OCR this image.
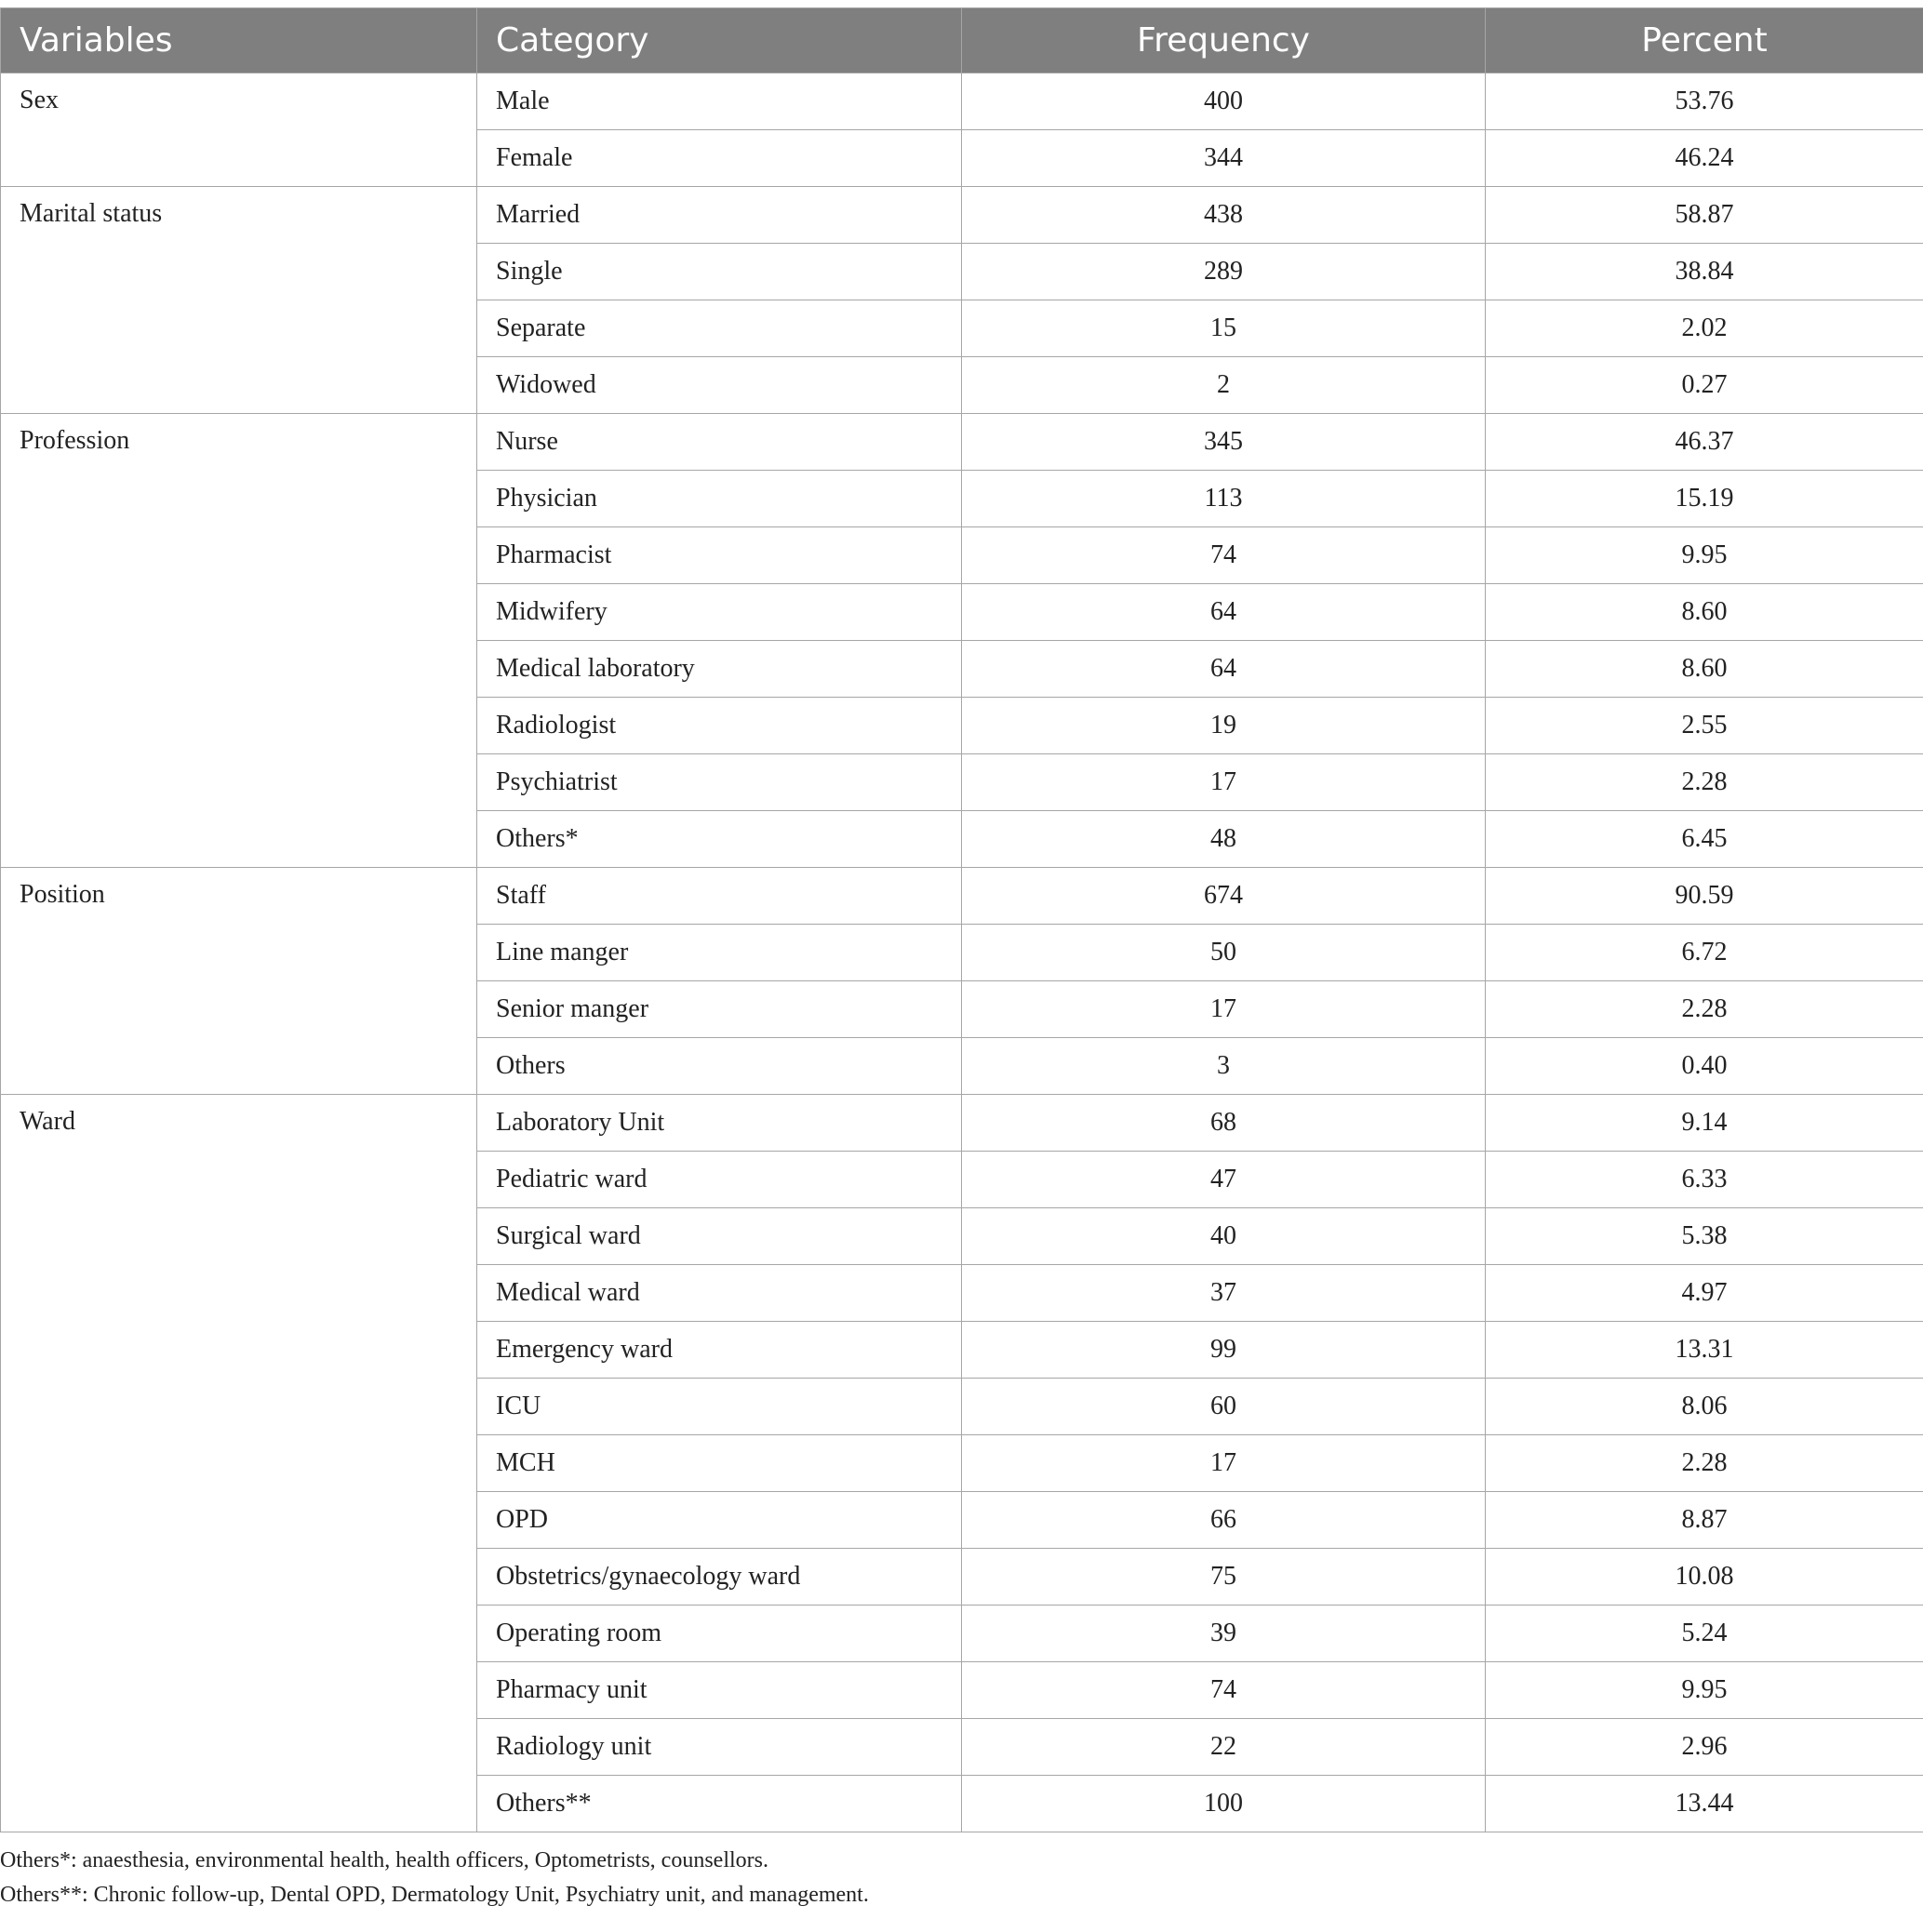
Variables	Category	Frequency	Percent
Sex	Male	400	53.76
	Female	344	46.24
Marital status	Married	438	58.87
	Single	289	38.84
	Separate	15	2.02
	Widowed	2	0.27
Profession	Nurse	345	46.37
	Physician	113	15.19
	Pharmacist	74	9.95
	Midwifery	64	8.60
	Medical laboratory	64	8.60
	Radiologist	19	2.55
	Psychiatrist	17	2.28
	Others*	48	6.45
Position	Staff	674	90.59
	Line manger	50	6.72
	Senior manger	17	2.28
	Others	3	0.40
Ward	Laboratory Unit	68	9.14
	Pediatric ward	47	6.33
	Surgical ward	40	5.38
	Medical ward	37	4.97
	Emergency ward	99	13.31
	ICU	60	8.06
	MCH	17	2.28
	OPD	66	8.87
	Obstetrics/gynaecology ward	75	10.08
	Operating room	39	5.24
	Pharmacy unit	74	9.95
	Radiology unit	22	2.96
	Others**	100	13.44

Others*: anaesthesia, environmental health, health officers, Optometrists, counsellors.

Others**: Chronic follow-up, Dental OPD, Dermatology Unit, Psychiatry unit, and management.
